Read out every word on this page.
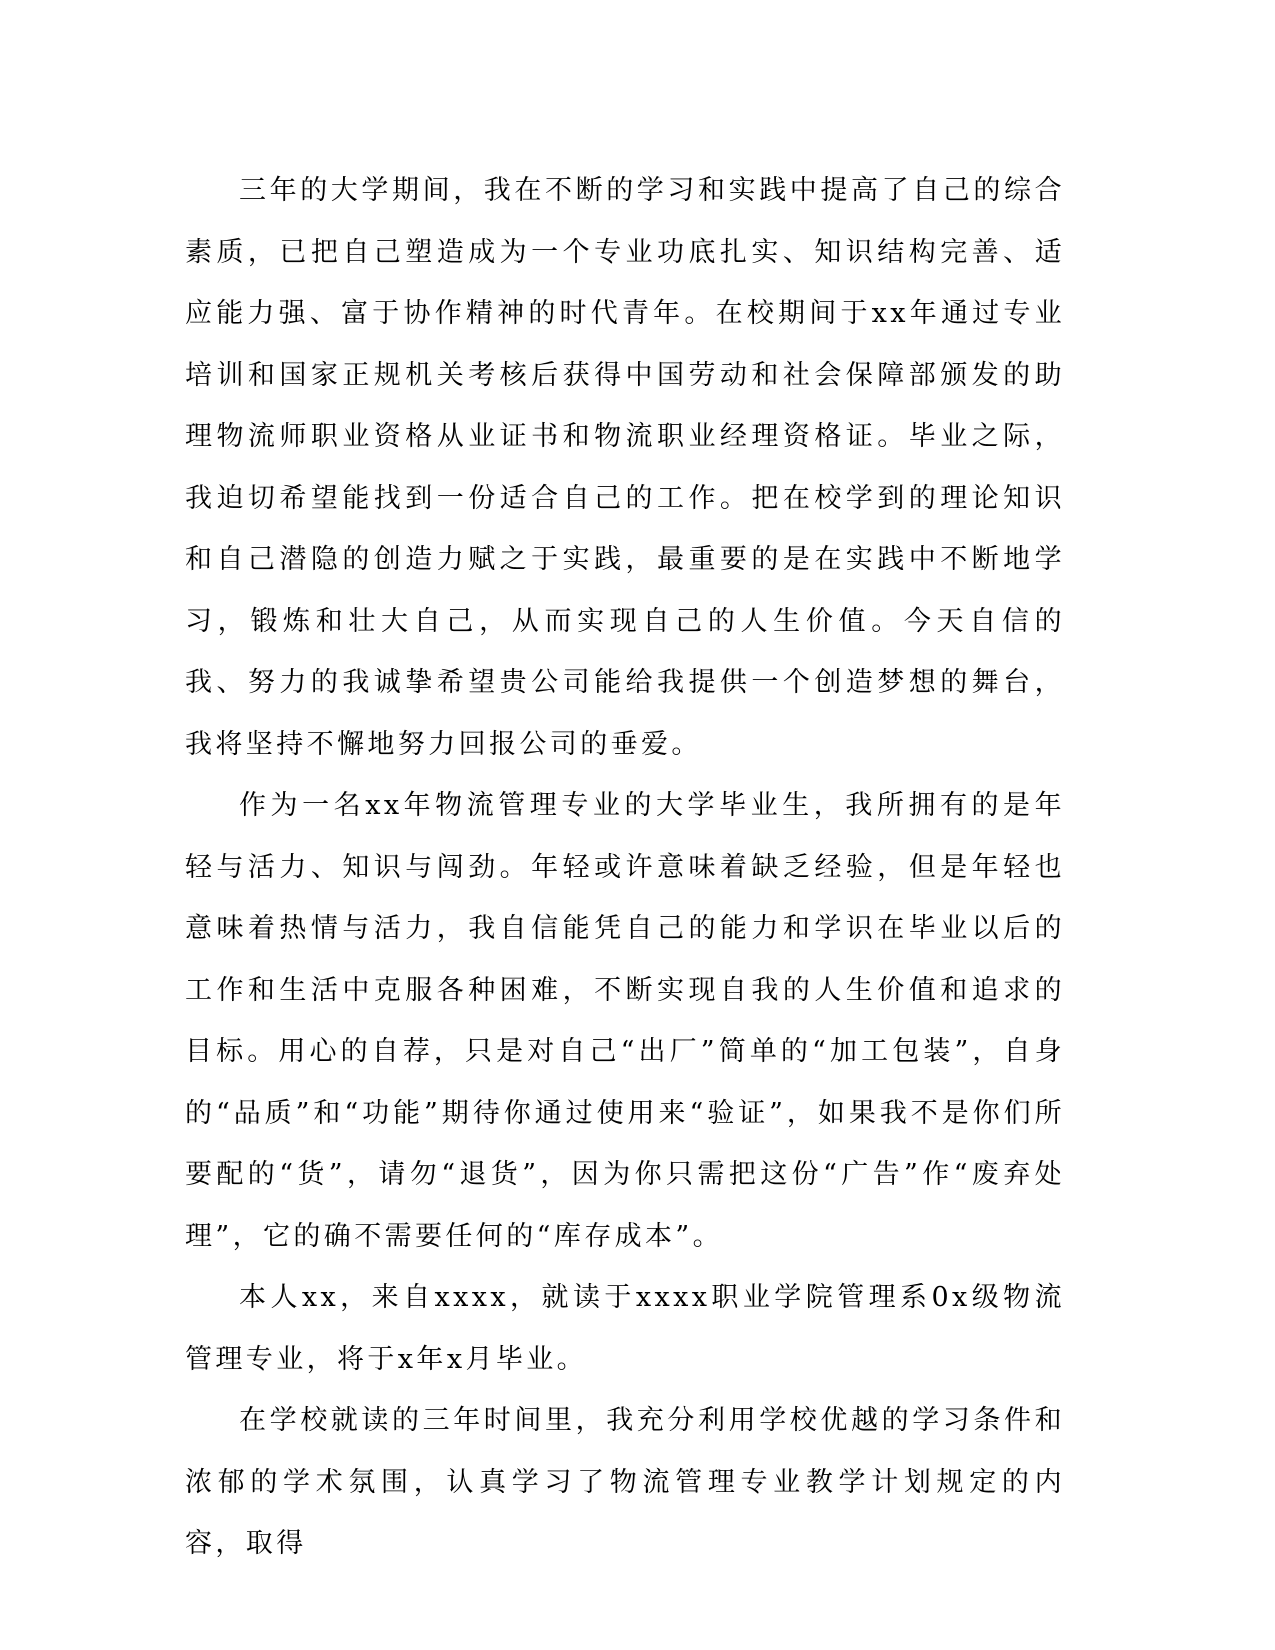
三年的大学期间，我在不断的学习和实践中提高了自己的综合素质，已把自己塑造成为一个专业功底扎实、知识结构完善、适应能力强、富于协作精神的时代青年。在校期间于xx年通过专业培训和国家正规机关考核后获得中国劳动和社会保障部颁发的助理物流师职业资格从业证书和物流职业经理资格证。毕业之际，我迫切希望能找到一份适合自己的工作。把在校学到的理论知识和自己潜隐的创造力赋之于实践，最重要的是在实践中不断地学习，锻炼和壮大自己，从而实现自己的人生价值。今天自信的我、努力的我诚挚希望贵公司能给我提供一个创造梦想的舞台，我将坚持不懈地努力回报公司的垂爱。

作为一名xx年物流管理专业的大学毕业生，我所拥有的是年轻与活力、知识与闯劲。年轻或许意味着缺乏经验，但是年轻也意味着热情与活力，我自信能凭自己的能力和学识在毕业以后的工作和生活中克服各种困难，不断实现自我的人生价值和追求的目标。用心的自荐，只是对自己“出厂”简单的“加工包装”，自身的“品质”和“功能”期待你通过使用来“验证”，如果我不是你们所要配的“货”，请勿“退货”，因为你只需把这份“广告”作“废弃处理”，它的确不需要任何的“库存成本”。

本人xx，来自xxxx，就读于xxxx职业学院管理系0x级物流管理专业，将于x年x月毕业。

在学校就读的三年时间里，我充分利用学校优越的学习条件和浓郁的学术氛围，认真学习了物流管理专业教学计划规定的内容，取得
